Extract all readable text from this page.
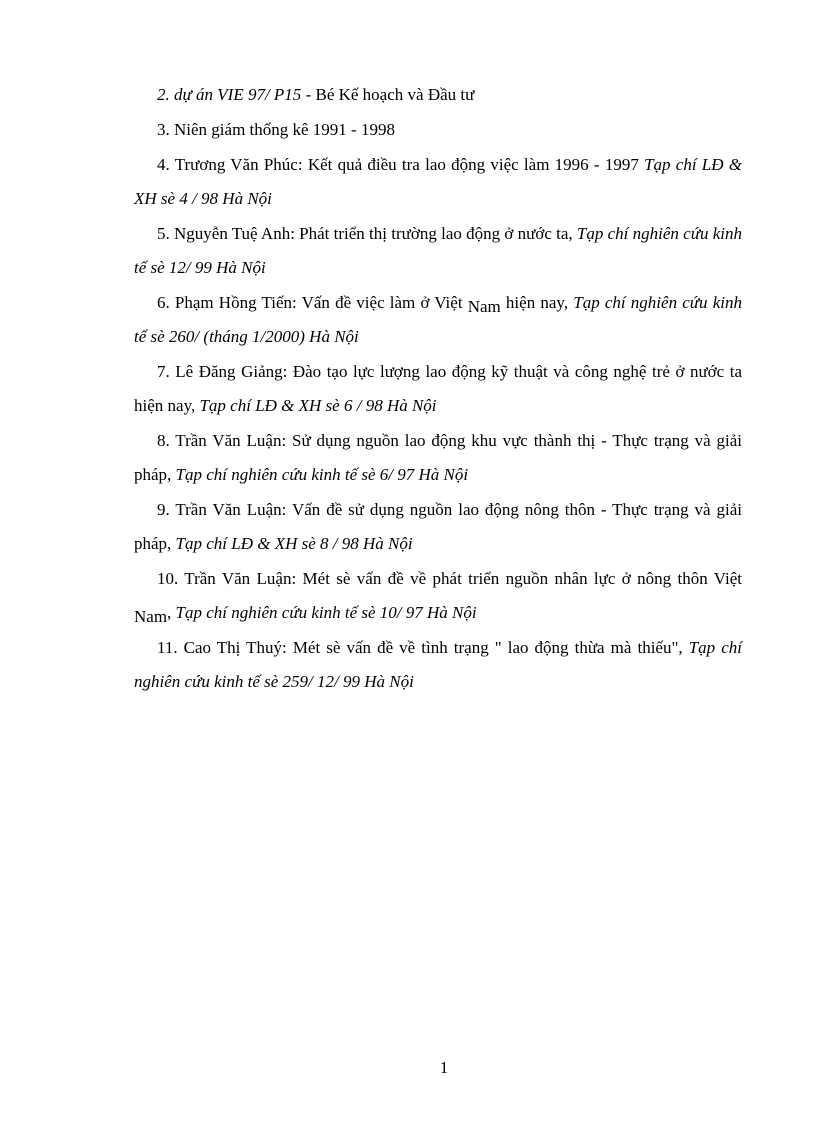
2. dự án VIE 97/ P15 - Bé Kế hoạch và Đầu tư
3. Niên giám thống kê 1991 - 1998
4. Trương Văn Phúc: Kết quả điều tra lao động việc làm 1996 - 1997 Tạp chí LĐ & XH sè 4 / 98 Hà Nội
5. Nguyễn Tuệ Anh: Phát triển thị trường lao động ở nước ta, Tạp chí nghiên cứu kinh tế sè 12/ 99 Hà Nội
6. Phạm Hồng Tiến: Vấn đề việc làm ở Việt Nam hiện nay, Tạp chí nghiên cứu kinh tế sè 260/ (tháng 1/2000) Hà Nội
7. Lê Đăng Giảng: Đào tạo lực lượng lao động kỹ thuật và công nghệ trẻ ở nước ta hiện nay, Tạp chí LĐ & XH sè 6 / 98 Hà Nội
8. Trần Văn Luận: Sử dụng nguồn lao động khu vực thành thị - Thực trạng và giải pháp, Tạp chí nghiên cứu kinh tế sè 6/ 97 Hà Nội
9. Trần Văn Luận: Vấn đề sử dụng nguồn lao động nông thôn - Thực trạng và giải pháp, Tạp chí LĐ & XH sè 8 / 98 Hà Nội
10. Trần Văn Luận: Mét sè vấn đề về phát triển nguồn nhân lực ở nông thôn Việt Nam, Tạp chí nghiên cứu kinh tế sè 10/ 97 Hà Nội
11. Cao Thị Thuý: Mét sè vấn đề về tình trạng " lao động thừa mà thiếu", Tạp chí nghiên cứu kinh tế sè 259/ 12/ 99 Hà Nội
1
